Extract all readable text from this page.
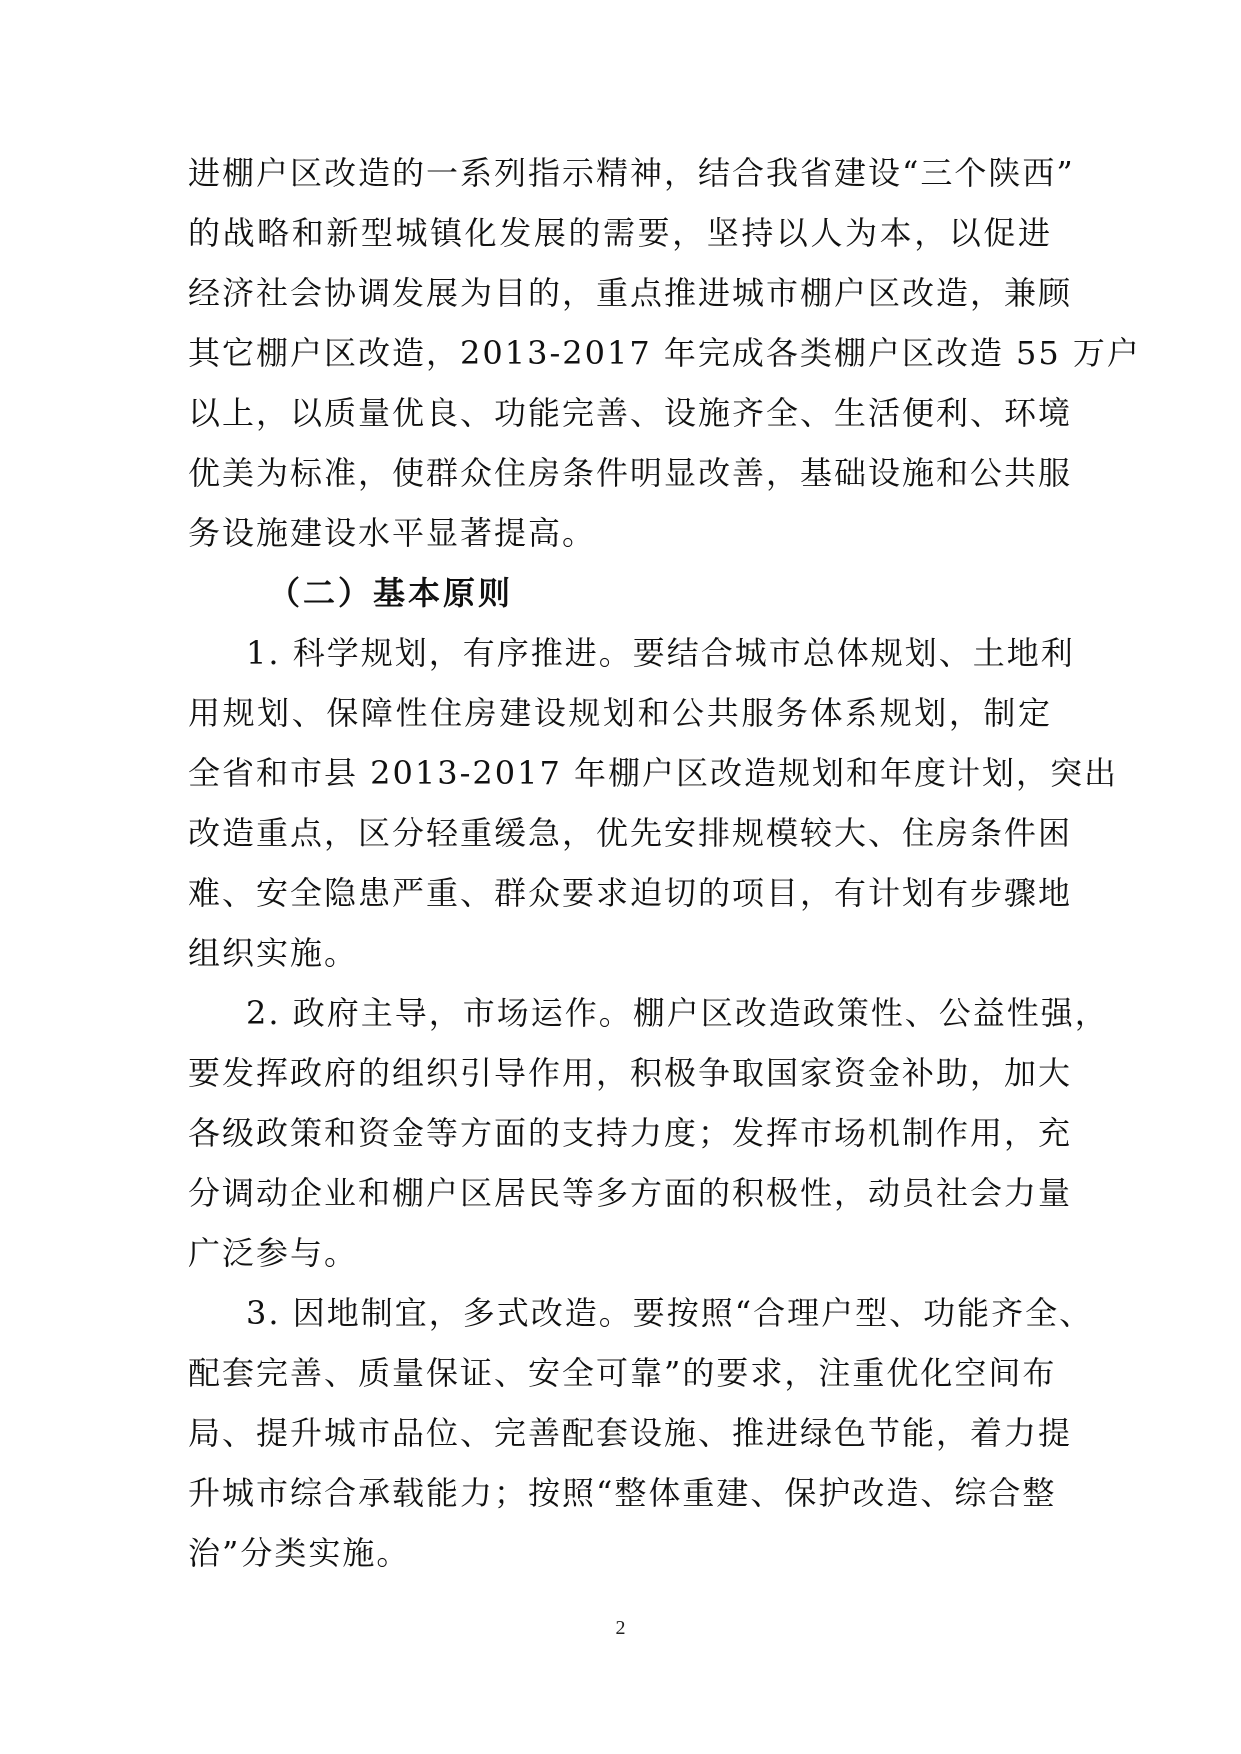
进棚户区改造的一系列指示精神，结合我省建设“三个陕西”
的战略和新型城镇化发展的需要，坚持以人为本，以促进
经济社会协调发展为目的，重点推进城市棚户区改造，兼顾
其它棚户区改造，2013-2017 年完成各类棚户区改造 55 万户
以上，以质量优良、功能完善、设施齐全、生活便利、环境
优美为标准，使群众住房条件明显改善，基础设施和公共服
务设施建设水平显著提高。
（二）基本原则
1. 科学规划，有序推进。要结合城市总体规划、土地利
用规划、保障性住房建设规划和公共服务体系规划，制定
全省和市县 2013-2017 年棚户区改造规划和年度计划，突出
改造重点，区分轻重缓急，优先安排规模较大、住房条件困
难、安全隐患严重、群众要求迫切的项目，有计划有步骤地
组织实施。
2. 政府主导，市场运作。棚户区改造政策性、公益性强，
要发挥政府的组织引导作用，积极争取国家资金补助，加大
各级政策和资金等方面的支持力度；发挥市场机制作用，充
分调动企业和棚户区居民等多方面的积极性，动员社会力量
广泛参与。
3. 因地制宜，多式改造。要按照“合理户型、功能齐全、
配套完善、质量保证、安全可靠”的要求，注重优化空间布
局、提升城市品位、完善配套设施、推进绿色节能，着力提
升城市综合承载能力；按照“整体重建、保护改造、综合整
治”分类实施。
2
